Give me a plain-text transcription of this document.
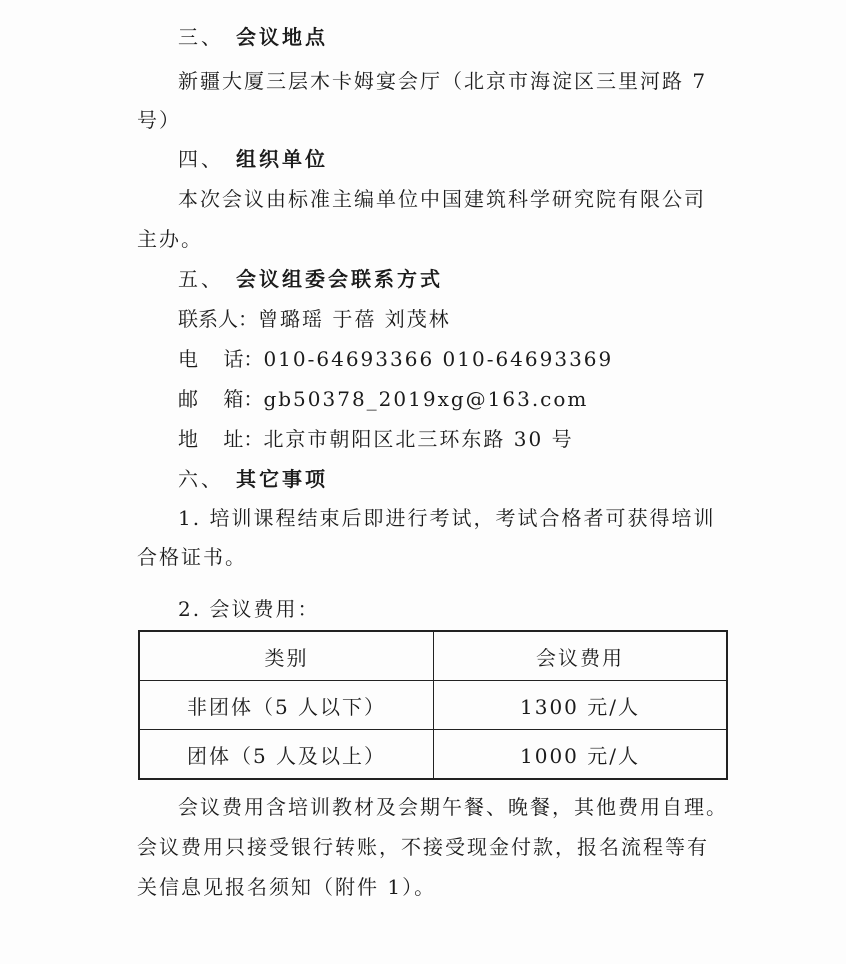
三、 会议地点
新疆大厦三层木卡姆宴会厅（北京市海淀区三里河路 7
号）
四、 组织单位
本次会议由标准主编单位中国建筑科学研究院有限公司
主办。
五、 会议组委会联系方式
联系人：曾璐瑶 于蓓 刘茂林
电    话：010-64693366 010-64693369
邮    箱：gb50378_2019xg@163.com
地    址：北京市朝阳区北三环东路 30 号
六、 其它事项
1. 培训课程结束后即进行考试，考试合格者可获得培训
合格证书。
2. 会议费用：
类别	会议费用
非团体（5 人以下）	1300 元/人
团体（5 人及以上）	1000 元/人
会议费用含培训教材及会期午餐、晚餐，其他费用自理。
会议费用只接受银行转账，不接受现金付款，报名流程等有
关信息见报名须知（附件 1）。
